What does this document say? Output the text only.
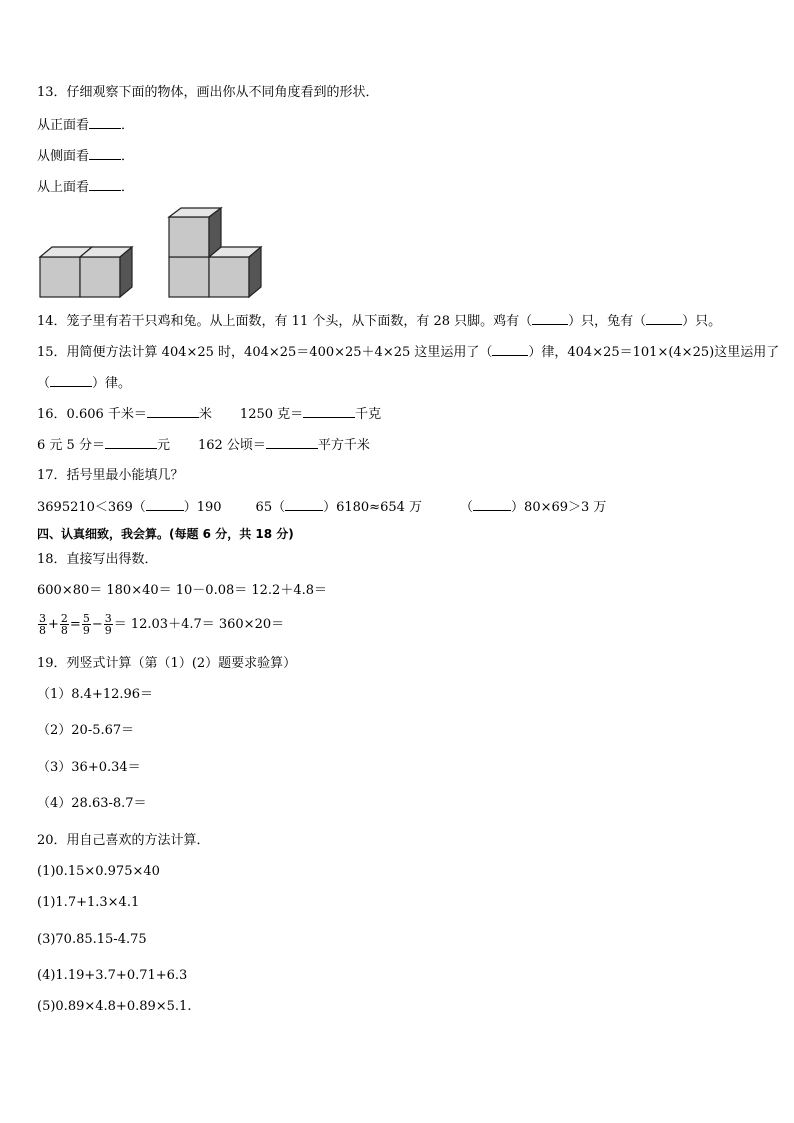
13．仔细观察下面的物体，画出你从不同角度看到的形状．
从正面看 ．
从侧面看 ．
从上面看 ．
14．笼子里有若干只鸡和兔。从上面数，有 11 个头，从下面数，有 28 只脚。鸡有（	）只，兔有（	）只。
15．用简便方法计算 404×25 时，404×25＝400×25＋4×25 这里运用了（	）律，404×25＝101×(4×25)这里运用了
（	）律。
16．0.606 千米＝	米 1250 克＝	千克
6 元 5 分＝	元 162 公顷＝	平方千米
17．括号里最小能填几？
3695210＜369（	）190	65（	）6180≈654 万	（	）80×69＞3 万
四、认真细致，我会算。(每题 6 分，共 18 分)
18．直接写出得数．
600×80＝ 180×40＝ 10－0.08＝ 12.2＋4.8＝
$\frac{3}{8} + \frac{2}{8} = \frac{5}{9} - \frac{3}{9} = 12.03+4.7= 360\times 20=$
19．列竖式计算（第（1）(2）题要求验算）
（1）8.4+12.96＝
（2）20-5.67＝
（3）36+0.34＝
（4）28.63-8.7＝
20．用自己喜欢的方法计算．
(1)0.15×0.975×40
(1)1.7+1.3×4.1
(3)70.85.15-4.75
(4)1.19+3.7+0.71+6.3
(5)0.89×4.8+0.89×5.1.
